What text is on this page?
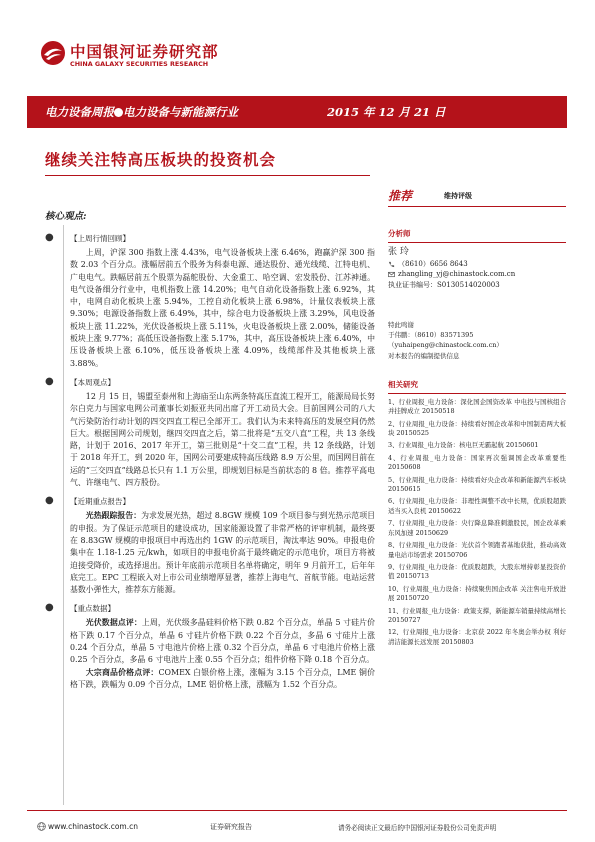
中国银河证券研究部
CHINA GALAXY SECURITIES RESEARCH
电力设备周报 电力设备与新能源行业	2015 年 12 月 21 日
继续关注特高压板块的投资机会
推荐	维持评级
核心观点:
● 【上周行情回顾】

上周，沪深 300 指数上涨 4.43%，电气设备板块上涨 6.46%，跑赢沪深 300 指数 2.03 个百分点。涨幅居前五个股务为科泰电源、通达股份、通光线缆、江特电机、广电电气。跌幅居前五个股票为磊舵股份、大金重工、哈空调、宏发股份、江苏神通。电气设备细分行业中，电机指数上涨 14.20%；电气自动化设备指数上涨 6.92%，其中，电网自动化板块上涨 5.94%，工控自动化板块上涨 6.98%，计量仪表板块上涨 9.30%；电源设备指数上涨 6.49%，其中，综合电力设备板块上涨 3.29%，风电设备板块上涨 11.22%，光伏设备板块上涨 5.11%，火电设备板块上涨 2.00%，储能设备板块上涨 9.77%；高低压设备指数上涨 5.17%，其中，高压设备板块上涨 6.40%，中压设备板块上涨 6.10%，低压设备板块上涨 4.09%，线缆部件及其他板块上涨 3.88%。

● 【本周观点】

12 月 15 日，锡盟至泰州和上海庙至山东两条特高压直流工程开工，能源局局长努尔白克力与国家电网公司董事长刘振亚共同出席了开工动员大会。目前国网公司的八大气污染防治行动计划的四交四直工程已全部开工。我们认为未来特高压的发展空间仍然巨大。根据国网公司规划，继四交四直之后，第二批将是“五交八直”工程，共 13 条线路，计划于 2016、2017 年开工，第三批则是“十交二直”工程，共 12 条线路，计划于 2018 年开工，到 2020 年，国网公司要建成特高压线路 8.9 万公里，而国网目前在运的“三交四直”线路总长只有 1.1 万公里，即规划目标是当前状态的 8 倍。推荐平高电气、许继电气、四方股份。

● 【近期重点报告】

光热跟踪报告：为求发展光热，超过 8.8GW 规模 109 个项目参与到光热示范项目的申报。为了保证示范项目的建设成功，国家能源设置了非常严格的评审机制，最终要在 8.83GW 规模的申报项目中再选出约 1GW 的示范项目，淘汰率达 90%。申报电价集中在 1.18-1.25 元/kwh，如项目的申报电价高于最终确定的示范电价，项目方将被迫接受降价，或选择退出。预计年底前示范项目名单将确定，明年 9 月前开工，后年年底完工。EPC 工程嵌入对上市公司业绩增厚显著，推荐上海电气、首航节能。电站运营基数小弹性大，推荐东方能源。

● 【重点数据】

光伏数据点评：上周，光伏级多晶硅料价格下跌 0.82 个百分点，单晶 5 寸硅片价格下跌 0.17 个百分点，单晶 6 寸硅片价格下跌 0.22 个百分点，多晶 6 寸硅片上涨 0.24 个百分点，单晶 5 寸电池片价格上涨 0.32 个百分点，单晶 6 寸电池片价格上涨 0.25 个百分点，多晶 6 寸电池片上涨 0.55 个百分点；组件价格下降 0.18 个百分点。

大宗商品价格点评：COMEX 白银价格上涨，涨幅为 3.15 个百分点，LME 铜价格下跌，跌幅为 0.09 个百分点，LME 铝价格上涨，涨幅为 1.52 个百分点。

分析师
张 玲
（8610）6656 8643
zhangling_yj@chinastock.com.cn
执业证书编号：S0130514020003
特此鸣谢
于伟鹏：（8610）83571395
（yuhaipeng@chinastock.com.cn）
对本报告的编制提供信息
相关研究
1、行业周报_电力设备：深化国企国资改革 中电投与国核组合并挂牌成立 20150518
2、行业周报_电力设备：持续看好国企改革和中国制造两大板块 20150525
3、行业周报_电力设备：核电巨无霸起航 20150601
4、行业周报_电力设备：国家再次强调国企改革重要性 20150608
5、行业周报_电力设备：持续看好央企改革和新能源汽车板块 20150615
6、行业周报_电力设备：非理性调整不改中长期，优质股超跌适当买入良机 20150622
7、行业周报_电力设备：央行降息降准刺激股民，国企改革乘东风加速 20150629
8、行业周报_电力设备：光伏首个领跑者基地获批，推动高效量电站市场需求 20150706
9、行业周报_电力设备：优质股超跌，大股东增持彰显投资价值 20150713
10、行业周报_电力设备：持续聚焦国企改革 关注售电开放进展 20150720
11、行业周报_电力设备：政策支撑，新能源车销量持续高增长 20150727
12、行业周报_电力设备：北京获 2022 年冬奥会举办权 利好清洁能源长远发展 20150803
www.chinastock.com.cn	证券研究报告	请务必阅读正文最后的中国银河证券股份公司免责声明
